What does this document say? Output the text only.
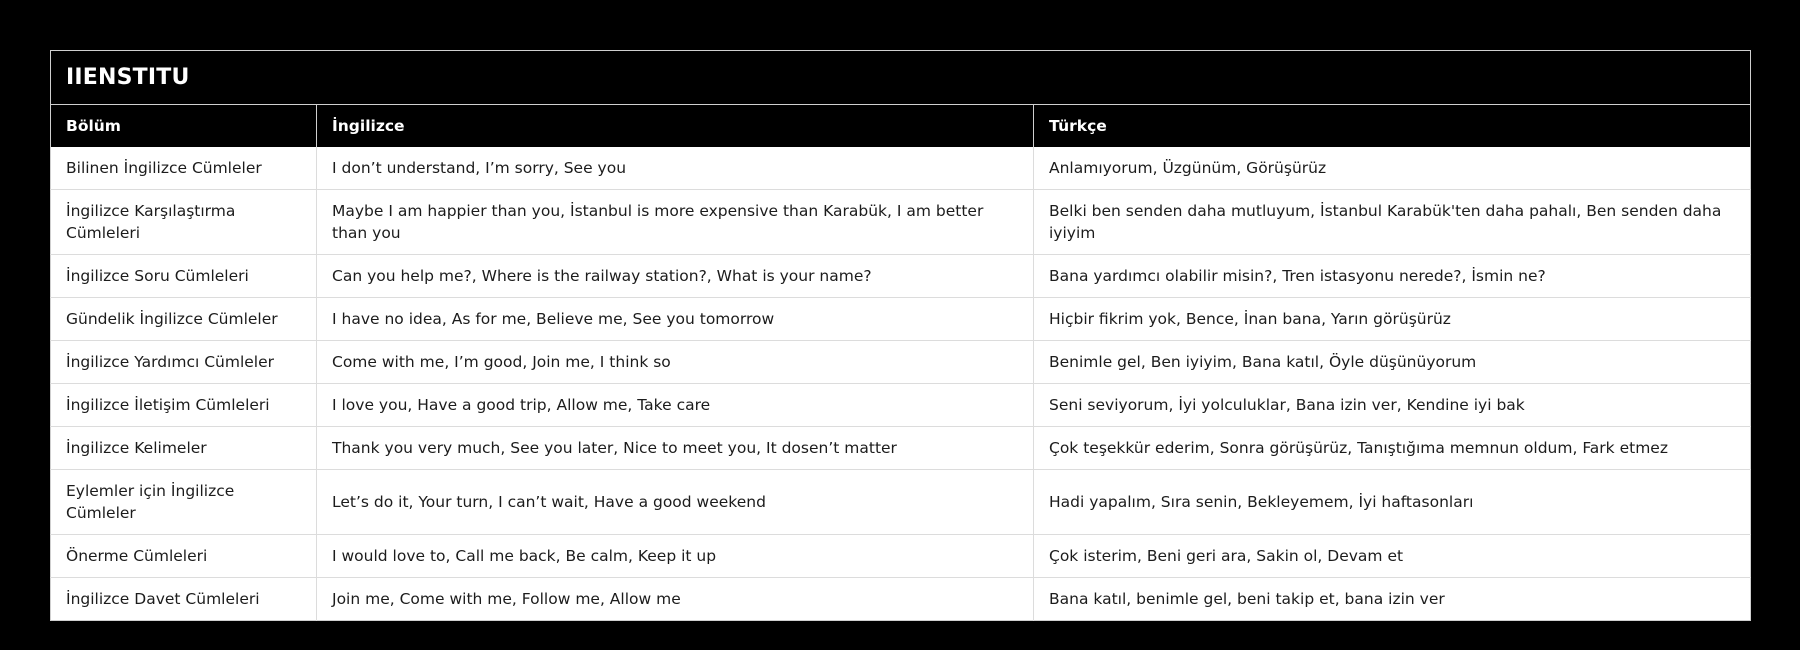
IIENSTITU		
Bölüm	İngilizce	Türkçe
Bilinen İngilizce Cümleler	I don’t understand, I’m sorry, See you	Anlamıyorum, Üzgünüm, Görüşürüz
İngilizce Karşılaştırma Cümleleri	Maybe I am happier than you, İstanbul is more expensive than Karabük, I am better than you	Belki ben senden daha mutluyum, İstanbul Karabük'ten daha pahalı, Ben senden daha iyiyim
İngilizce Soru Cümleleri	Can you help me?, Where is the railway station?, What is your name?	Bana yardımcı olabilir misin?, Tren istasyonu nerede?, İsmin ne?
Gündelik İngilizce Cümleler	I have no idea, As for me, Believe me, See you tomorrow	Hiçbir fikrim yok, Bence, İnan bana, Yarın görüşürüz
İngilizce Yardımcı Cümleler	Come with me, I’m good, Join me, I think so	Benimle gel, Ben iyiyim, Bana katıl, Öyle düşünüyorum
İngilizce İletişim Cümleleri	I love you, Have a good trip, Allow me, Take care	Seni seviyorum, İyi yolculuklar, Bana izin ver, Kendine iyi bak
İngilizce Kelimeler	Thank you very much, See you later, Nice to meet you, It dosen’t matter	Çok teşekkür ederim, Sonra görüşürüz, Tanıştığıma memnun oldum, Fark etmez
Eylemler için İngilizce Cümleler	Let’s do it, Your turn, I can’t wait, Have a good weekend	Hadi yapalım, Sıra senin, Bekleyemem, İyi haftasonları
Önerme Cümleleri	I would love to, Call me back, Be calm, Keep it up	Çok isterim, Beni geri ara, Sakin ol, Devam et
İngilizce Davet Cümleleri	Join me, Come with me, Follow me, Allow me	Bana katıl, benimle gel, beni takip et, bana izin ver
